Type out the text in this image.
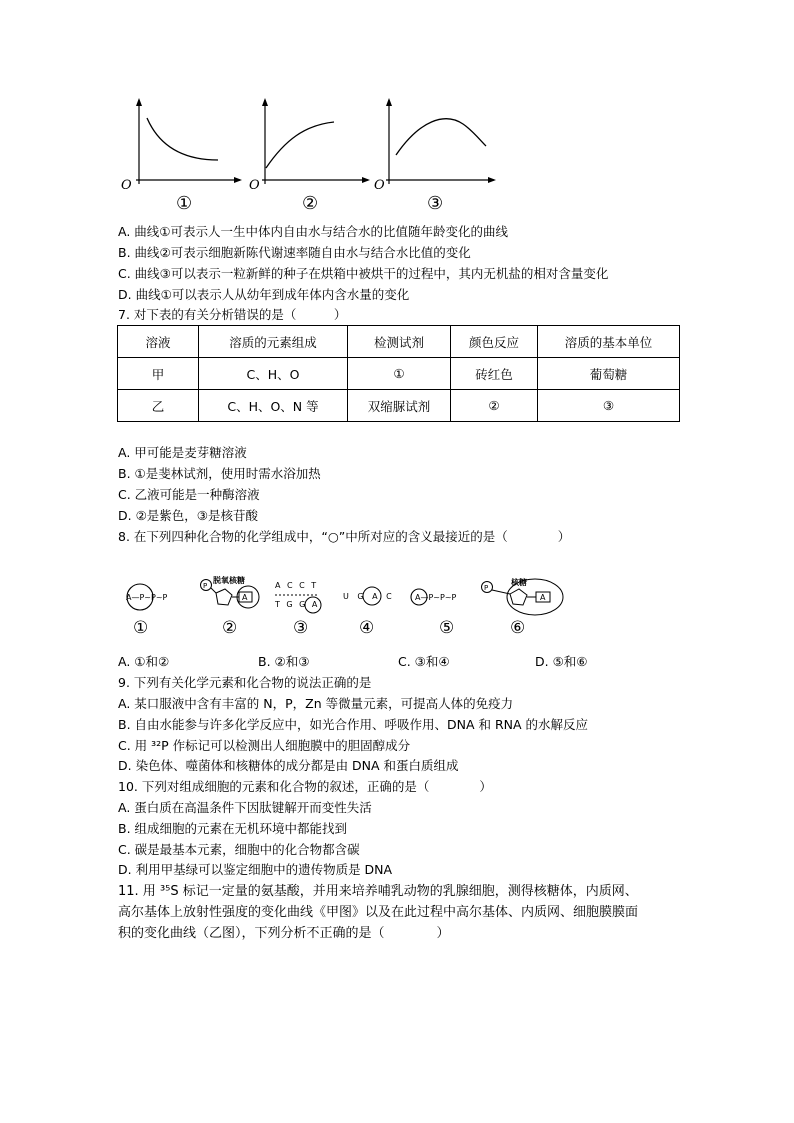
O	O	O
①	②	③
A. 曲线①可表示人一生中体内自由水与结合水的比值随年龄变化的曲线
B. 曲线②可表示细胞新陈代谢速率随自由水与结合水比值的变化
C. 曲线③可以表示一粒新鲜的种子在烘箱中被烘干的过程中，其内无机盐的相对含量变化
D. 曲线①可以表示人从幼年到成年体内含水量的变化
7. 对下表的有关分析错误的是（　　　）
溶液	溶质的元素组成	检测试剂	颜色反应	溶质的基本单位
甲	C、H、O	①	砖红色	葡萄糖
乙	C、H、O、N 等	双缩脲试剂	②	③
A. 甲可能是麦芽糖溶液
B. ①是斐林试剂，使用时需水浴加热
C. 乙液可能是一种酶溶液
D. ②是紫色，③是核苷酸
8. 在下列四种化合物的化学组成中，“○”中所对应的含义最接近的是（　　　　）
A—P~P~P
P
A
脱氧核糖
A C C T
T G G A
U G A C	A—P~P~P
P
A
核糖
①	②	③	④	⑤	⑥
A. ①和②	B. ②和③	C. ③和④	D. ⑤和⑥
9. 下列有关化学元素和化合物的说法正确的是
A. 某口服液中含有丰富的 N，P，Zn 等微量元素，可提高人体的免疫力
B. 自由水能参与许多化学反应中，如光合作用、呼吸作用、DNA 和 RNA 的水解反应
C. 用 ³²P 作标记可以检测出人细胞膜中的胆固醇成分
D. 染色体、噬菌体和核糖体的成分都是由 DNA 和蛋白质组成
10. 下列对组成细胞的元素和化合物的叙述，正确的是（　　　　）
A. 蛋白质在高温条件下因肽键解开而变性失活
B. 组成细胞的元素在无机环境中都能找到
C. 碳是最基本元素，细胞中的化合物都含碳
D. 利用甲基绿可以鉴定细胞中的遗传物质是 DNA
11. 用 ³⁵S 标记一定量的氨基酸，并用来培养哺乳动物的乳腺细胞，测得核糖体，内质网、
高尔基体上放射性强度的变化曲线《甲图》以及在此过程中高尔基体、内质网、细胞膜膜面
积的变化曲线（乙图），下列分析不正确的是（　　　　）
